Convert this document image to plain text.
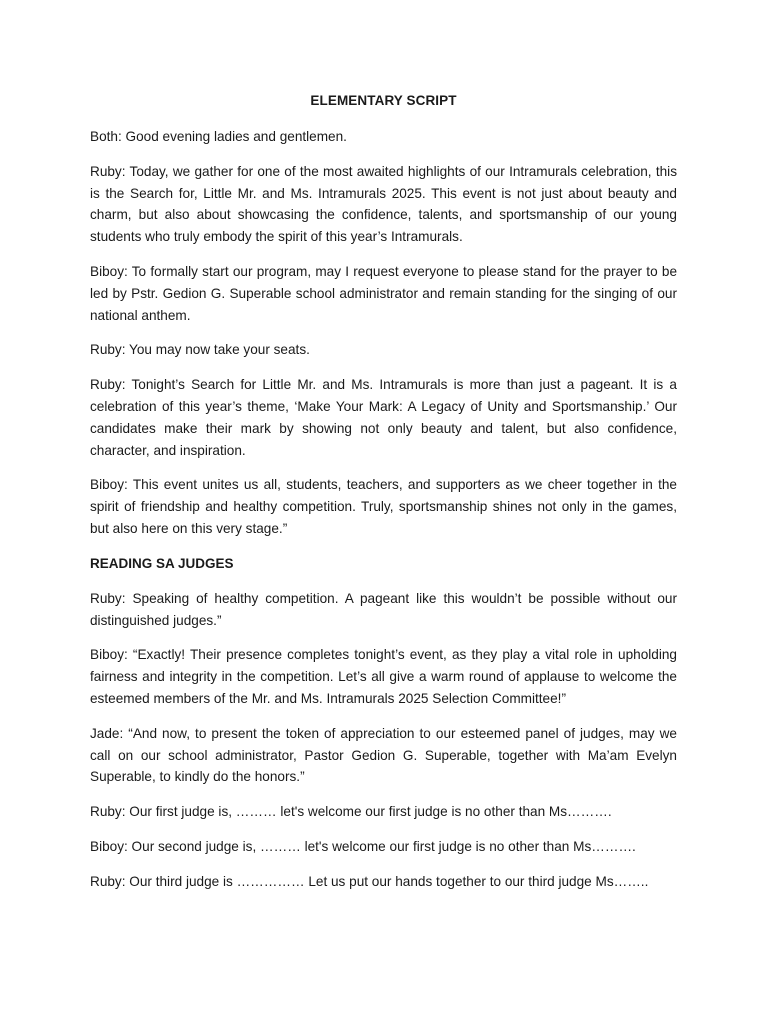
ELEMENTARY SCRIPT

Both: Good evening ladies and gentlemen.

Ruby: Today, we gather for one of the most awaited highlights of our Intramurals celebration, this is the Search for, Little Mr. and Ms. Intramurals 2025. This event is not just about beauty and charm, but also about showcasing the confidence, talents, and sportsmanship of our young students who truly embody the spirit of this year’s Intramurals.

Biboy: To formally start our program, may I request everyone to please stand for the prayer to be led by Pstr. Gedion G. Superable school administrator and remain standing for the singing of our national anthem.

Ruby: You may now take your seats.

Ruby: Tonight’s Search for Little Mr. and Ms. Intramurals is more than just a pageant. It is a celebration of this year’s theme, ‘Make Your Mark: A Legacy of Unity and Sportsmanship.’ Our candidates make their mark by showing not only beauty and talent, but also confidence, character, and inspiration.

Biboy: This event unites us all, students, teachers, and supporters as we cheer together in the spirit of friendship and healthy competition. Truly, sportsmanship shines not only in the games, but also here on this very stage.”

READING SA JUDGES

Ruby: Speaking of healthy competition. A pageant like this wouldn’t be possible without our distinguished judges.”

Biboy: “Exactly! Their presence completes tonight’s event, as they play a vital role in upholding fairness and integrity in the competition. Let’s all give a warm round of applause to welcome the esteemed members of the Mr. and Ms. Intramurals 2025 Selection Committee!”

Jade: “And now, to present the token of appreciation to our esteemed panel of judges, may we call on our school administrator, Pastor Gedion G. Superable, together with Ma’am Evelyn Superable, to kindly do the honors.”

Ruby: Our first judge is, ……… let's welcome our first judge is no other than Ms……….

Biboy: Our second judge is, ……… let's welcome our first judge is no other than Ms……….

Ruby: Our third judge is …………… Let us put our hands together to our third judge Ms……..
